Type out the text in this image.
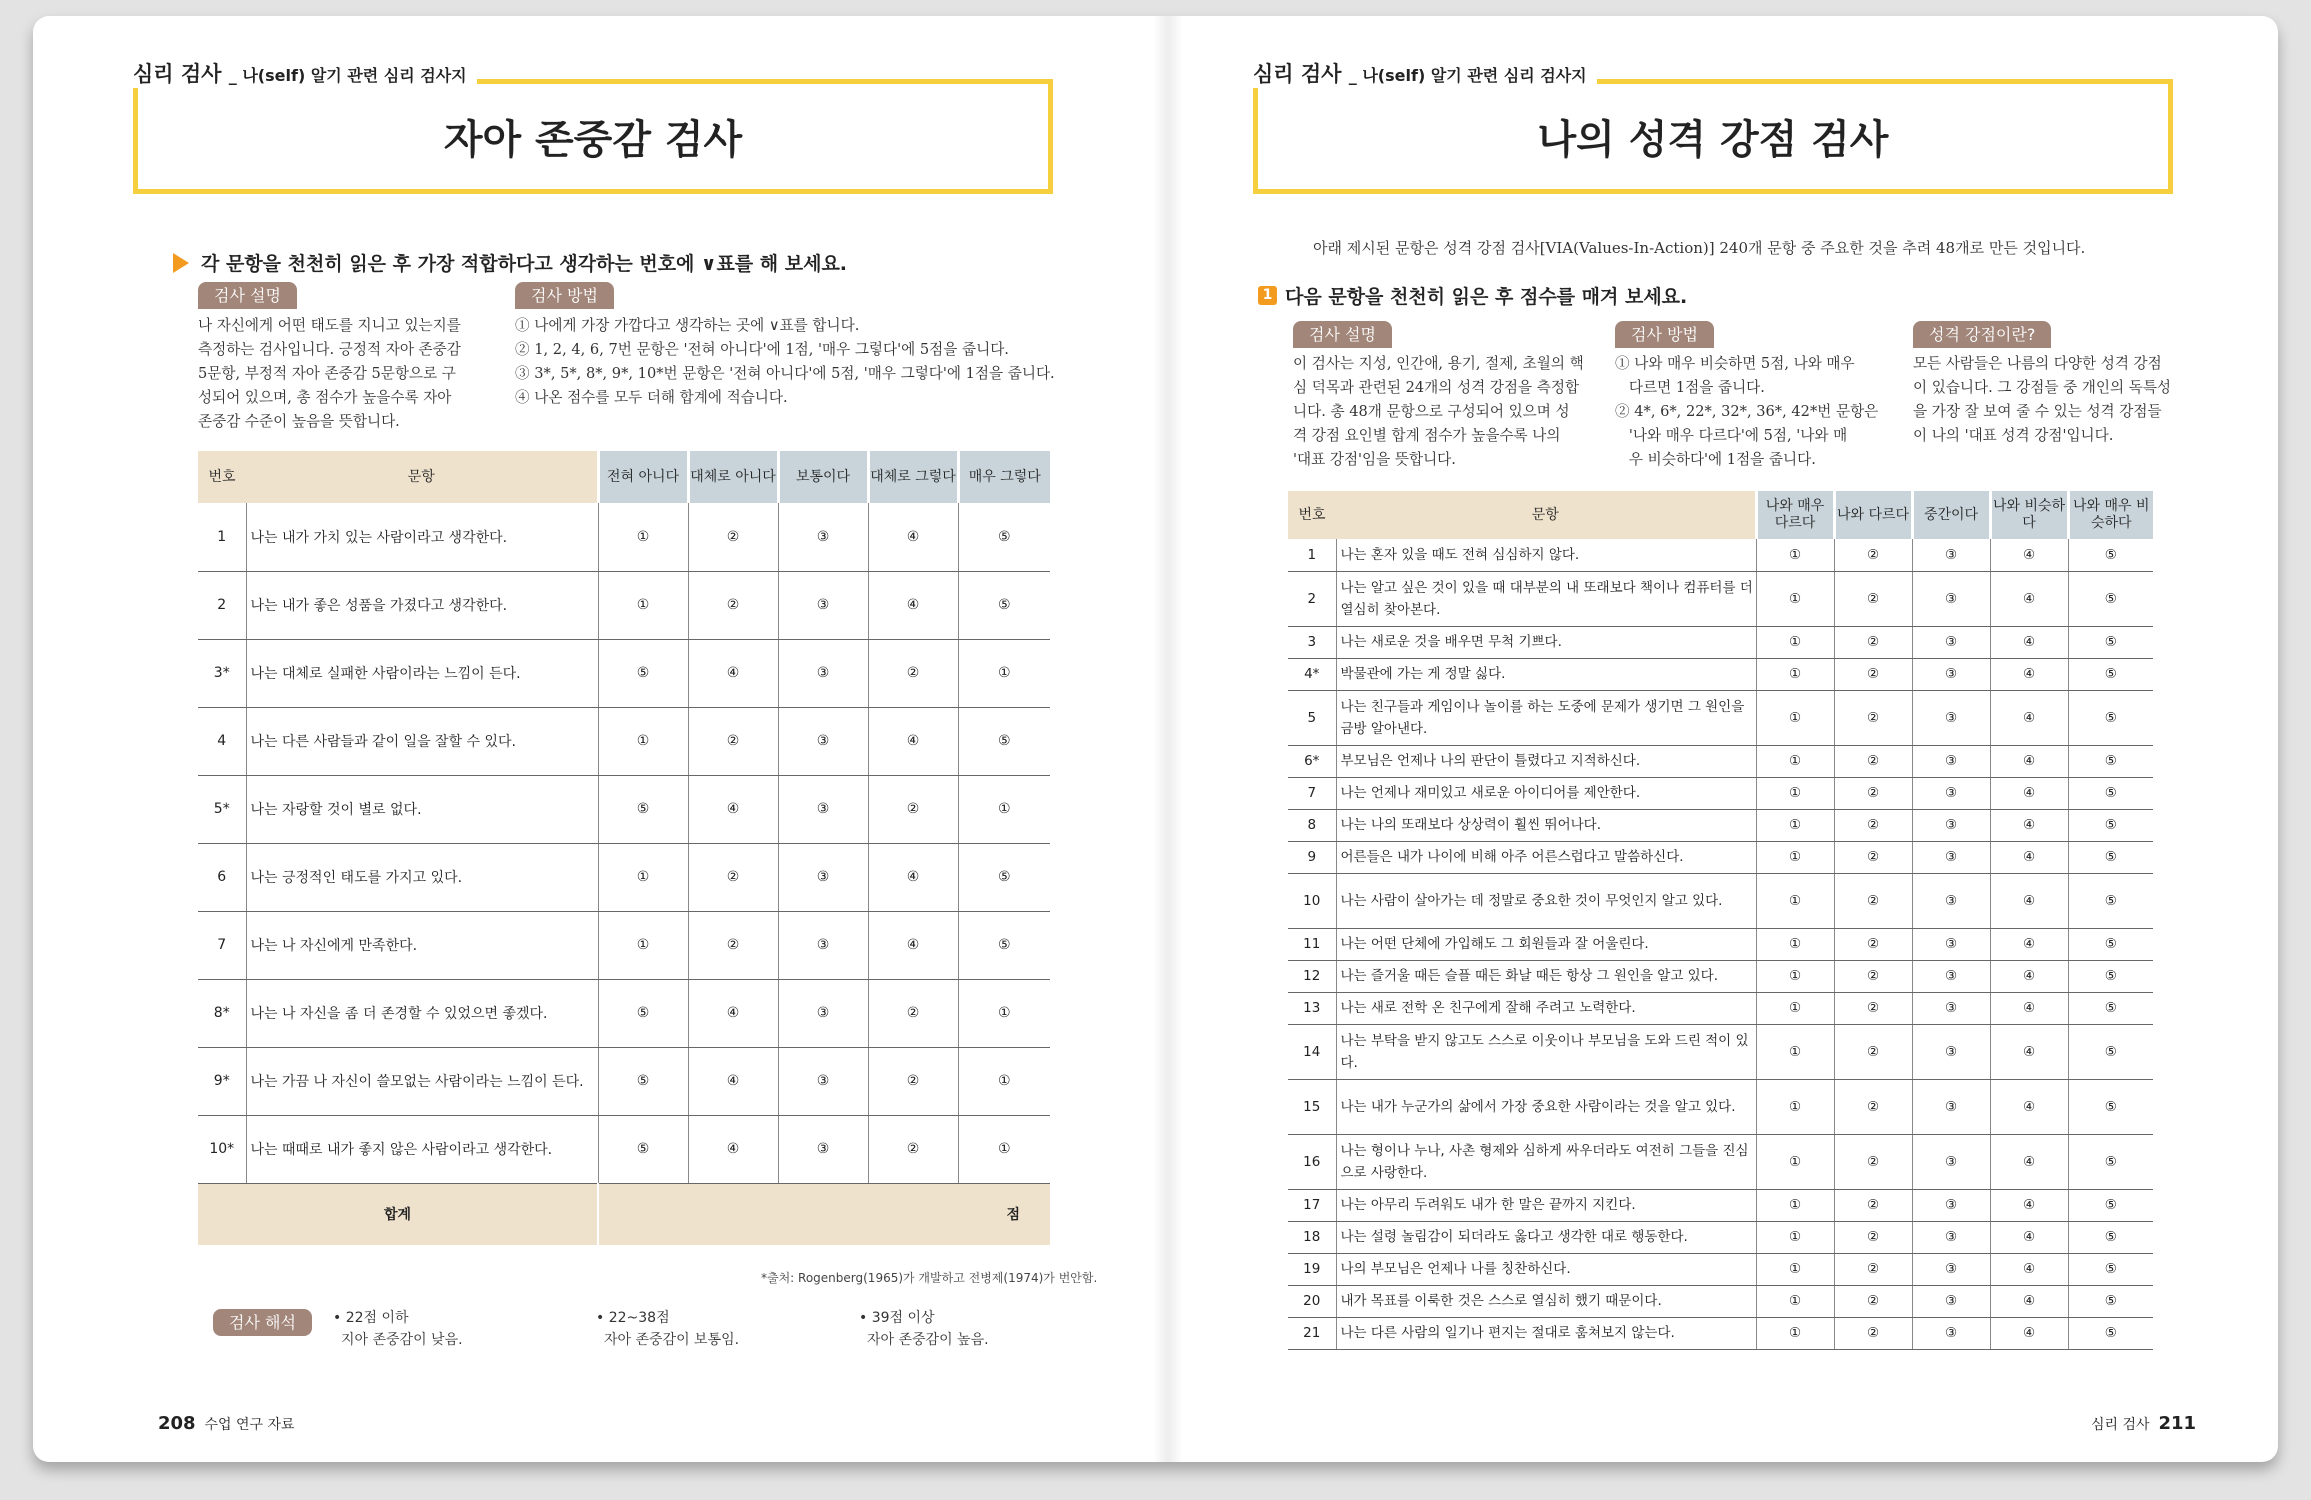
심리 검사 _ 나(self) 알기 관련 심리 검사지
자아 존중감 검사
각 문항을 천천히 읽은 후 가장 적합하다고 생각하는 번호에 ∨표를 해 보세요.
검사 설명
나 자신에게 어떤 태도를 지니고 있는지를
측정하는 검사입니다. 긍정적 자아 존중감
5문항, 부정적 자아 존중감 5문항으로 구
성되어 있으며, 총 점수가 높을수록 자아
존중감 수준이 높음을 뜻합니다.
검사 방법
① 나에게 가장 가깝다고 생각하는 곳에 ∨표를 합니다.
② 1, 2, 4, 6, 7번 문항은 '전혀 아니다'에 1점, '매우 그렇다'에 5점을 줍니다.
③ 3*, 5*, 8*, 9*, 10*번 문항은 '전혀 아니다'에 5점, '매우 그렇다'에 1점을 줍니다.
④ 나온 점수를 모두 더해 합계에 적습니다.
번호	문항	전혀 아니다	대체로 아니다	보통이다	대체로 그렇다	매우 그렇다
1	나는 내가 가치 있는 사람이라고 생각한다.	①	②	③	④	⑤
2	나는 내가 좋은 성품을 가졌다고 생각한다.	①	②	③	④	⑤
3*	나는 대체로 실패한 사람이라는 느낌이 든다.	⑤	④	③	②	①
4	나는 다른 사람들과 같이 일을 잘할 수 있다.	①	②	③	④	⑤
5*	나는 자랑할 것이 별로 없다.	⑤	④	③	②	①
6	나는 긍정적인 태도를 가지고 있다.	①	②	③	④	⑤
7	나는 나 자신에게 만족한다.	①	②	③	④	⑤
8*	나는 나 자신을 좀 더 존경할 수 있었으면 좋겠다.	⑤	④	③	②	①
9*	나는 가끔 나 자신이 쓸모없는 사람이라는 느낌이 든다.	⑤	④	③	②	①
10*	나는 때때로 내가 좋지 않은 사람이라고 생각한다.	⑤	④	③	②	①
합계		점				
*출처: Rogenberg(1965)가 개발하고 전병제(1974)가 번안함.
검사 해석	• 22점 이하
지아 존중감이 낮음.
• 22~38점
자아 존중감이 보통임.
• 39점 이상
자아 존중감이 높음.
208 수업 연구 자료
심리 검사 _ 나(self) 알기 관련 심리 검사지
나의 성격 강점 검사
아래 제시된 문항은 성격 강점 검사[VIA(Values-In-Action)] 240개 문항 중 주요한 것을 추려 48개로 만든 것입니다.
1 다음 문항을 천천히 읽은 후 점수를 매겨 보세요.
검사 설명
이 검사는 지성, 인간애, 용기, 절제, 초월의 핵
심 덕목과 관련된 24개의 성격 강점을 측정합
니다. 총 48개 문항으로 구성되어 있으며 성
격 강점 요인별 합계 점수가 높을수록 나의
'대표 강점'임을 뜻합니다.
검사 방법
① 나와 매우 비슷하면 5점, 나와 매우
다르면 1점을 줍니다.
② 4*, 6*, 22*, 32*, 36*, 42*번 문항은
'나와 매우 다르다'에 5점, '나와 매
우 비슷하다'에 1점을 줍니다.
성격 강점이란?
모든 사람들은 나름의 다양한 성격 강점
이 있습니다. 그 강점들 중 개인의 독특성
을 가장 잘 보여 줄 수 있는 성격 강점들
이 나의 '대표 성격 강점'입니다.
번호	문항	나와 매우 다르다	나와 다르다	중간이다	나와 비슷하다	나와 매우 비슷하다
1	나는 혼자 있을 때도 전혀 심심하지 않다.	①	②	③	④	⑤
2	나는 알고 싶은 것이 있을 때 대부분의 내 또래보다 책이나 컴퓨터를 더 열심히 찾아본다.	①	②	③	④	⑤
3	나는 새로운 것을 배우면 무척 기쁘다.	①	②	③	④	⑤
4*	박물관에 가는 게 정말 싫다.	①	②	③	④	⑤
5	나는 친구들과 게임이나 놀이를 하는 도중에 문제가 생기면 그 원인을 금방 알아낸다.	①	②	③	④	⑤
6*	부모님은 언제나 나의 판단이 틀렸다고 지적하신다.	①	②	③	④	⑤
7	나는 언제나 재미있고 새로운 아이디어를 제안한다.	①	②	③	④	⑤
8	나는 나의 또래보다 상상력이 훨씬 뛰어나다.	①	②	③	④	⑤
9	어른들은 내가 나이에 비해 아주 어른스럽다고 말씀하신다.	①	②	③	④	⑤
10	나는 사람이 살아가는 데 정말로 중요한 것이 무엇인지 알고 있다.	①	②	③	④	⑤
11	나는 어떤 단체에 가입해도 그 회원들과 잘 어울린다.	①	②	③	④	⑤
12	나는 즐거울 때든 슬플 때든 화날 때든 항상 그 원인을 알고 있다.	①	②	③	④	⑤
13	나는 새로 전학 온 친구에게 잘해 주려고 노력한다.	①	②	③	④	⑤
14	나는 부탁을 받지 않고도 스스로 이웃이나 부모님을 도와 드린 적이 있다.	①	②	③	④	⑤
15	나는 내가 누군가의 삶에서 가장 중요한 사람이라는 것을 알고 있다.	①	②	③	④	⑤
16	나는 형이나 누나, 사촌 형제와 심하게 싸우더라도 여전히 그들을 진심으로 사랑한다.	①	②	③	④	⑤
17	나는 아무리 두려워도 내가 한 말은 끝까지 지킨다.	①	②	③	④	⑤
18	나는 설령 놀림감이 되더라도 옳다고 생각한 대로 행동한다.	①	②	③	④	⑤
19	나의 부모님은 언제나 나를 칭찬하신다.	①	②	③	④	⑤
20	내가 목표를 이룩한 것은 스스로 열심히 했기 때문이다.	①	②	③	④	⑤
21	나는 다른 사람의 일기나 편지는 절대로 훔쳐보지 않는다.	①	②	③	④	⑤
심리 검사 211
